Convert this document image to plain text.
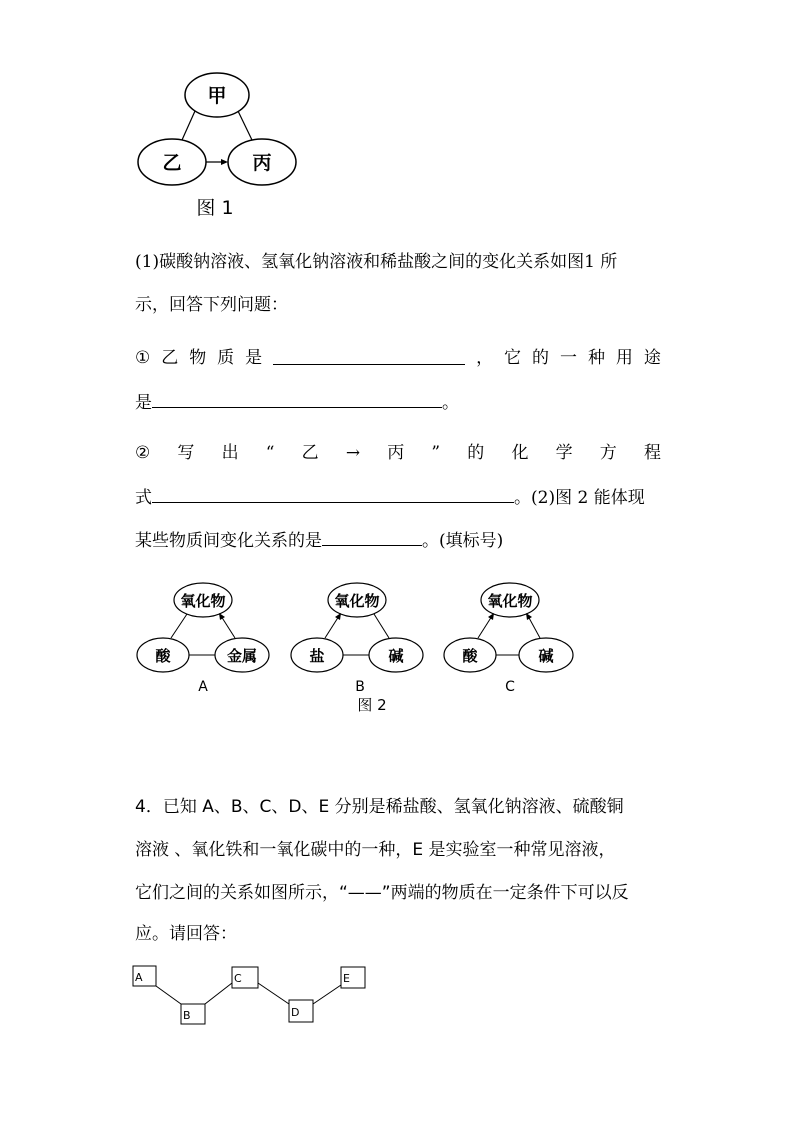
甲
乙	丙
图 1
(1)碳酸钠溶液、氢氧化钠溶液和稀盐酸之间的变化关系如图1 所
示，回答下列问题：
① 乙 物 质 是	， 它 的 一 种 用 途
是	。
② 写 出 “ 乙 → 丙 ” 的 化 学 方 程
式	。(2)图 2 能体现
某些物质间变化关系的是	。(填标号)
氧化物
酸	金属
A
氧化物
盐	碱
B
氧化物
酸	碱
C
图 2
4．已知 A、B、C、D、E 分别是稀盐酸、氢氧化钠溶液、硫酸铜
溶液 、氧化铁和一氧化碳中的一种，E 是实验室一种常见溶液，
它们之间的关系如图所示，“——”两端的物质在一定条件下可以反
应。请回答：
A
B
C
D
E
